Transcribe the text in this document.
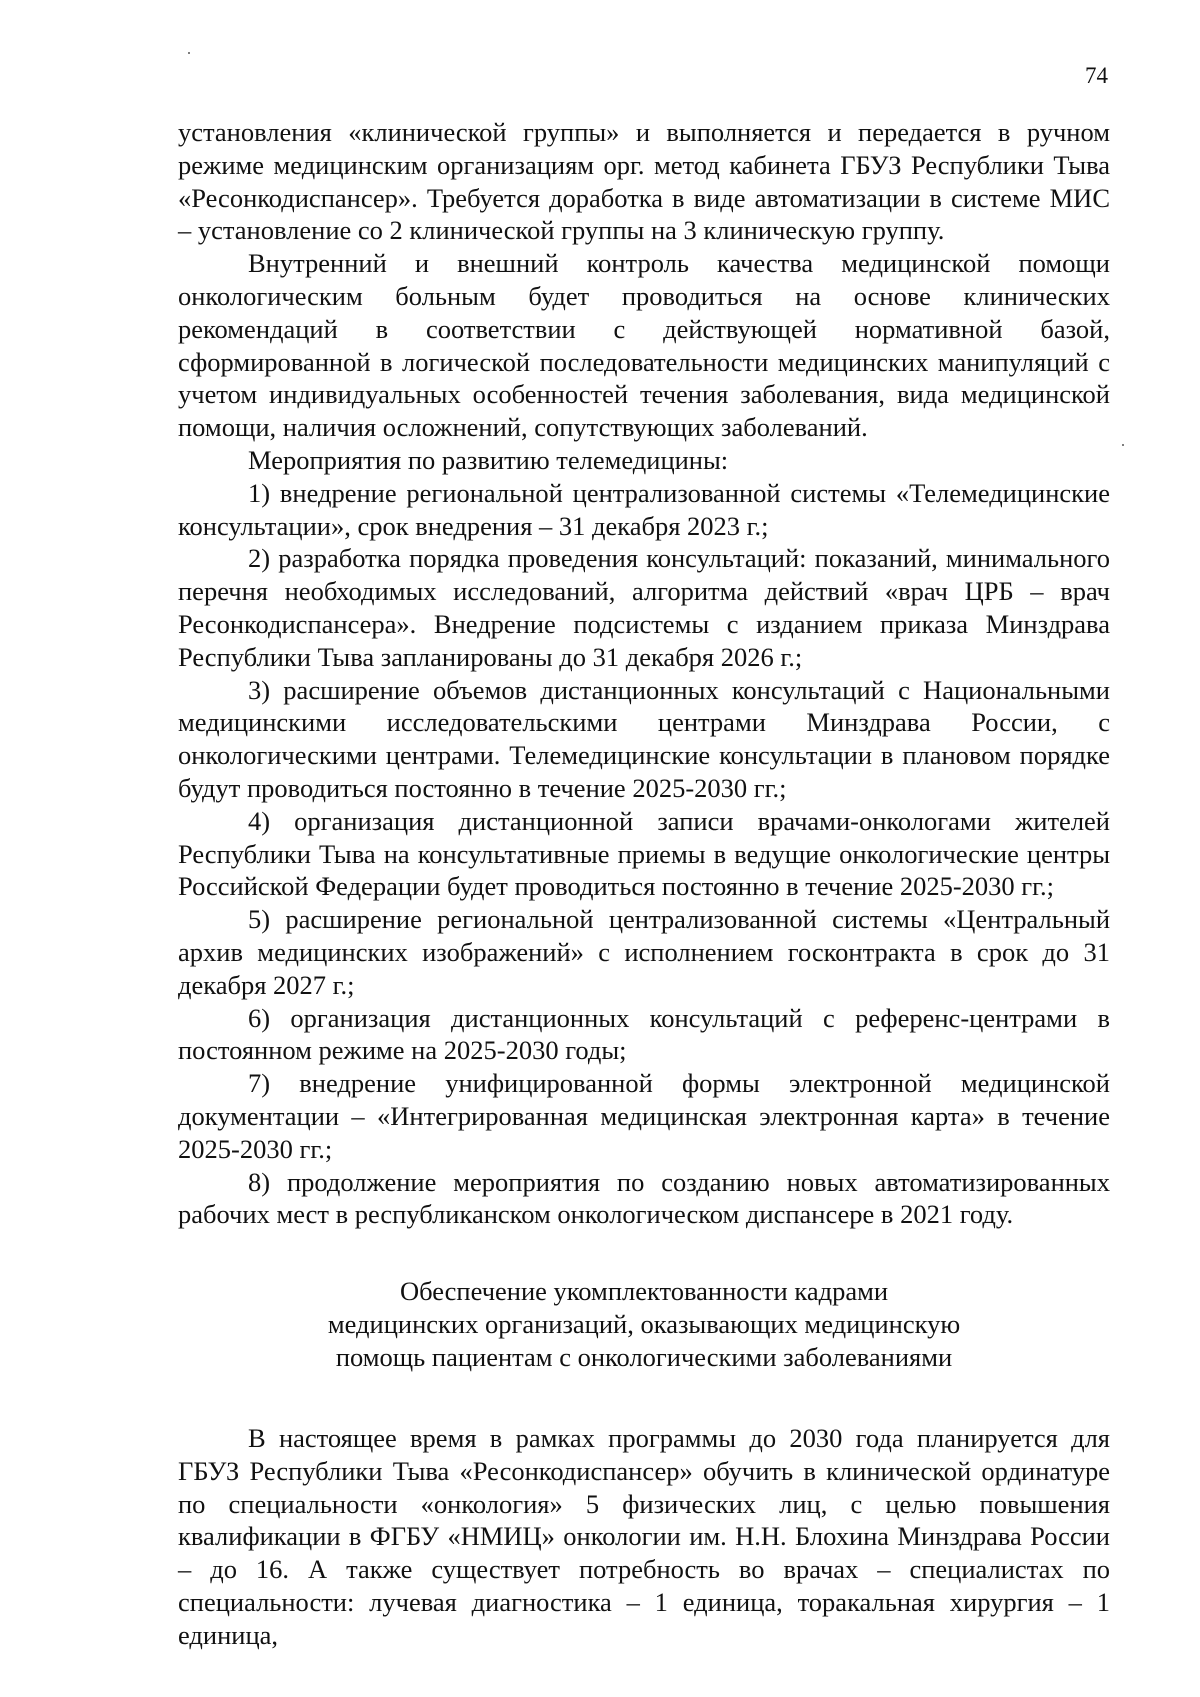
74

установления «клинической группы» и выполняется и передается в ручном режиме медицинским организациям орг. метод кабинета ГБУЗ Республики Тыва «Ресонкодиспансер». Требуется доработка в виде автоматизации в системе МИС – установление со 2 клинической группы на 3 клиническую группу.

Внутренний и внешний контроль качества медицинской помощи онкологическим больным будет проводиться на основе клинических рекомендаций в соответствии с действующей нормативной базой, сформированной в логической последовательности медицинских манипуляций с учетом индивидуальных особенностей течения заболевания, вида медицинской помощи, наличия осложнений, сопутствующих заболеваний.

Мероприятия по развитию телемедицины:

1) внедрение региональной централизованной системы «Телемедицинские консультации», срок внедрения – 31 декабря 2023 г.;

2) разработка порядка проведения консультаций: показаний, минимального перечня необходимых исследований, алгоритма действий «врач ЦРБ – врач Ресонкодиспансера». Внедрение подсистемы с изданием приказа Минздрава Республики Тыва запланированы до 31 декабря 2026 г.;

3) расширение объемов дистанционных консультаций с Национальными медицинскими исследовательскими центрами Минздрава России, с онкологическими центрами. Телемедицинские консультации в плановом порядке будут проводиться постоянно в течение 2025-2030 гг.;

4) организация дистанционной записи врачами-онкологами жителей Республики Тыва на консультативные приемы в ведущие онкологические центры Российской Федерации будет проводиться постоянно в течение 2025-2030 гг.;

5) расширение региональной централизованной системы «Центральный архив медицинских изображений» с исполнением госконтракта в срок до 31 декабря 2027 г.;

6) организация дистанционных консультаций с референс-центрами в постоянном режиме на 2025-2030 годы;

7) внедрение унифицированной формы электронной медицинской документации – «Интегрированная медицинская электронная карта» в течение 2025-2030 гг.;

8) продолжение мероприятия по созданию новых автоматизированных рабочих мест в республиканском онкологическом диспансере в 2021 году.

Обеспечение укомплектованности кадрами
медицинских организаций, оказывающих медицинскую
помощь пациентам с онкологическими заболеваниями

В настоящее время в рамках программы до 2030 года планируется для ГБУЗ Республики Тыва «Ресонкодиспансер» обучить в клинической ординатуре по специальности «онкология» 5 физических лиц, с целью повышения квалификации в ФГБУ «НМИЦ» онкологии им. Н.Н. Блохина Минздрава России – до 16. А также существует потребность во врачах – специалистах по специальности: лучевая диагностика – 1 единица, торакальная хирургия – 1 единица,
